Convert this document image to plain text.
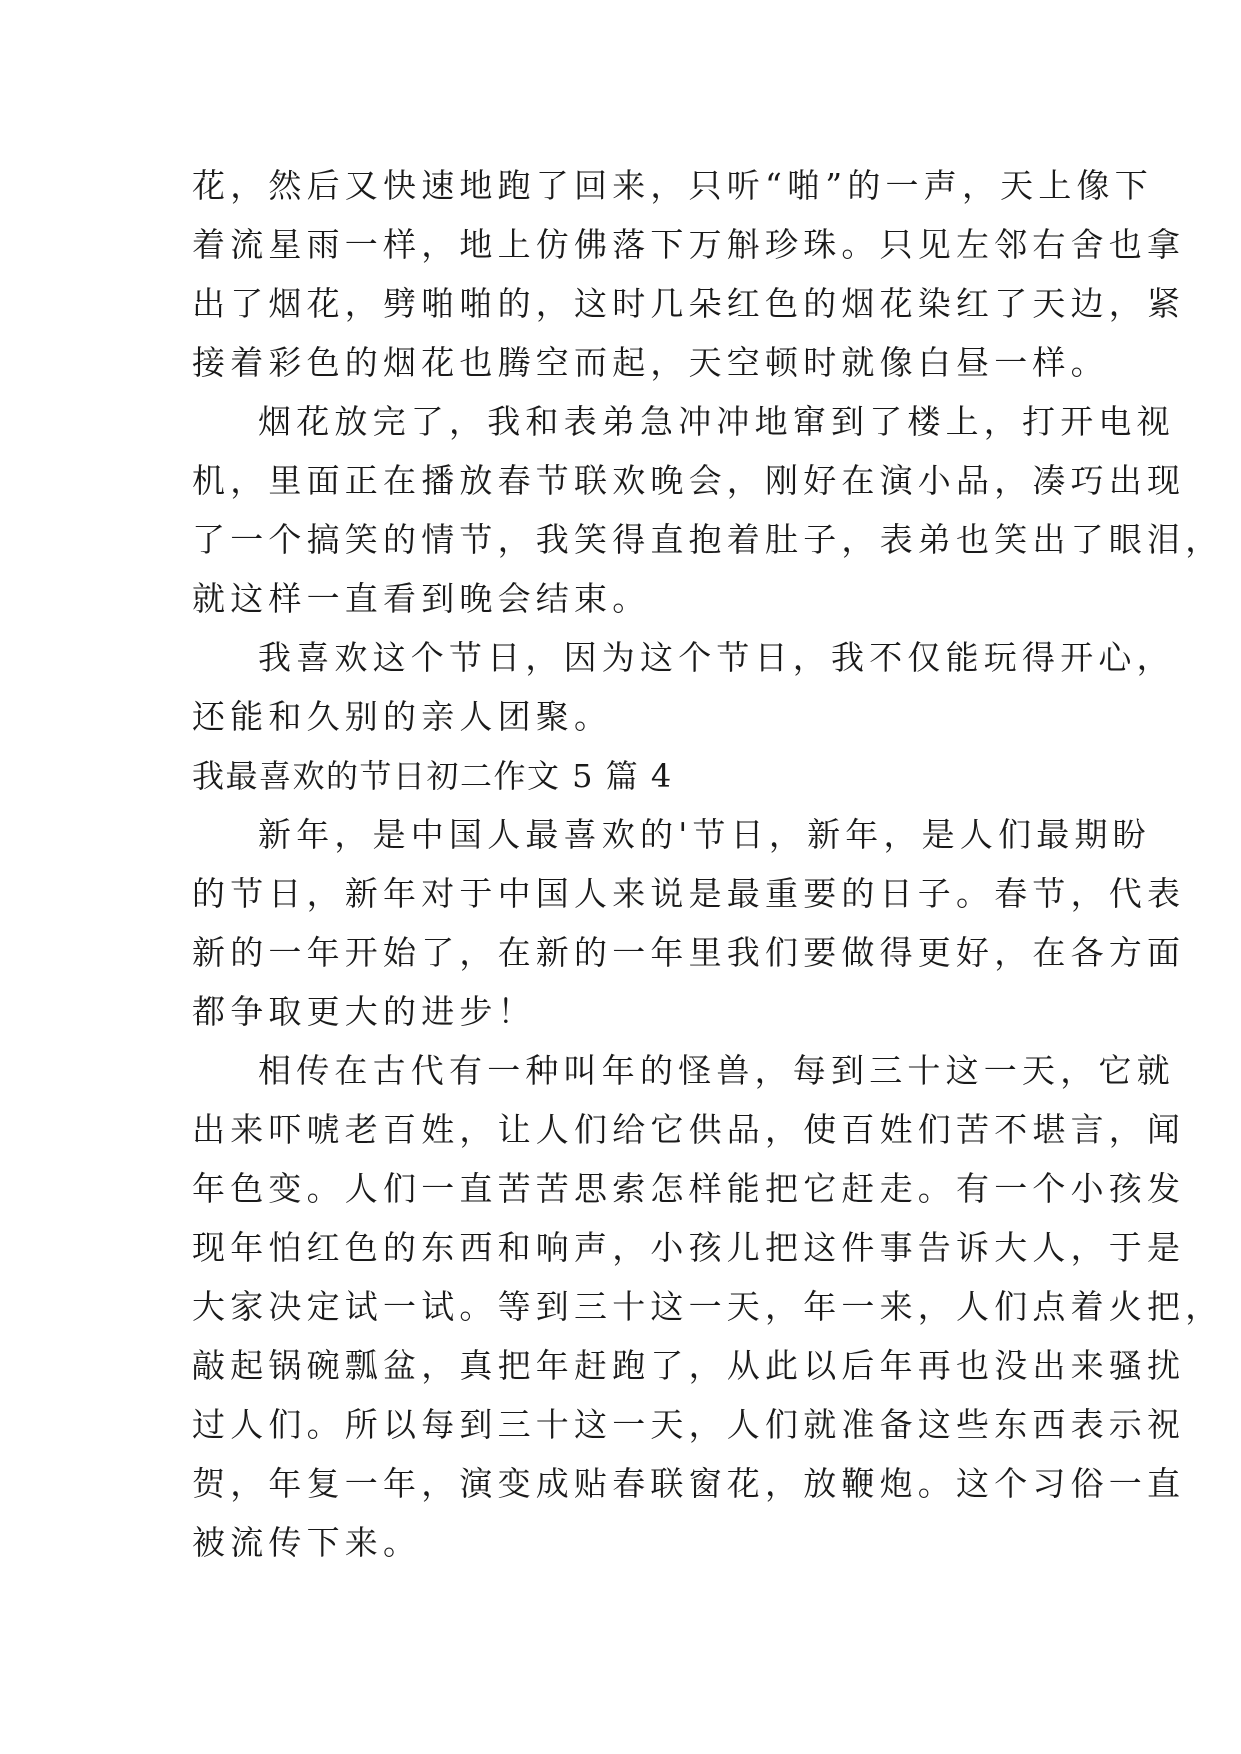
花，然后又快速地跑了回来，只听“啪”的一声，天上像下
着流星雨一样，地上仿佛落下万斛珍珠。只见左邻右舍也拿
出了烟花，劈啪啪的，这时几朵红色的烟花染红了天边，紧
接着彩色的烟花也腾空而起，天空顿时就像白昼一样。
烟花放完了，我和表弟急冲冲地窜到了楼上，打开电视
机，里面正在播放春节联欢晚会，刚好在演小品，凑巧出现
了一个搞笑的情节，我笑得直抱着肚子，表弟也笑出了眼泪，
就这样一直看到晚会结束。
我喜欢这个节日，因为这个节日，我不仅能玩得开心，
还能和久别的亲人团聚。
我最喜欢的节日初二作文 5 篇 4
新年，是中国人最喜欢的'节日，新年，是人们最期盼
的节日，新年对于中国人来说是最重要的日子。春节，代表
新的一年开始了，在新的一年里我们要做得更好，在各方面
都争取更大的进步！
相传在古代有一种叫年的怪兽，每到三十这一天，它就
出来吓唬老百姓，让人们给它供品，使百姓们苦不堪言，闻
年色变。人们一直苦苦思索怎样能把它赶走。有一个小孩发
现年怕红色的东西和响声，小孩儿把这件事告诉大人，于是
大家决定试一试。等到三十这一天，年一来，人们点着火把，
敲起锅碗瓢盆，真把年赶跑了，从此以后年再也没出来骚扰
过人们。所以每到三十这一天，人们就准备这些东西表示祝
贺，年复一年，演变成贴春联窗花，放鞭炮。这个习俗一直
被流传下来。
